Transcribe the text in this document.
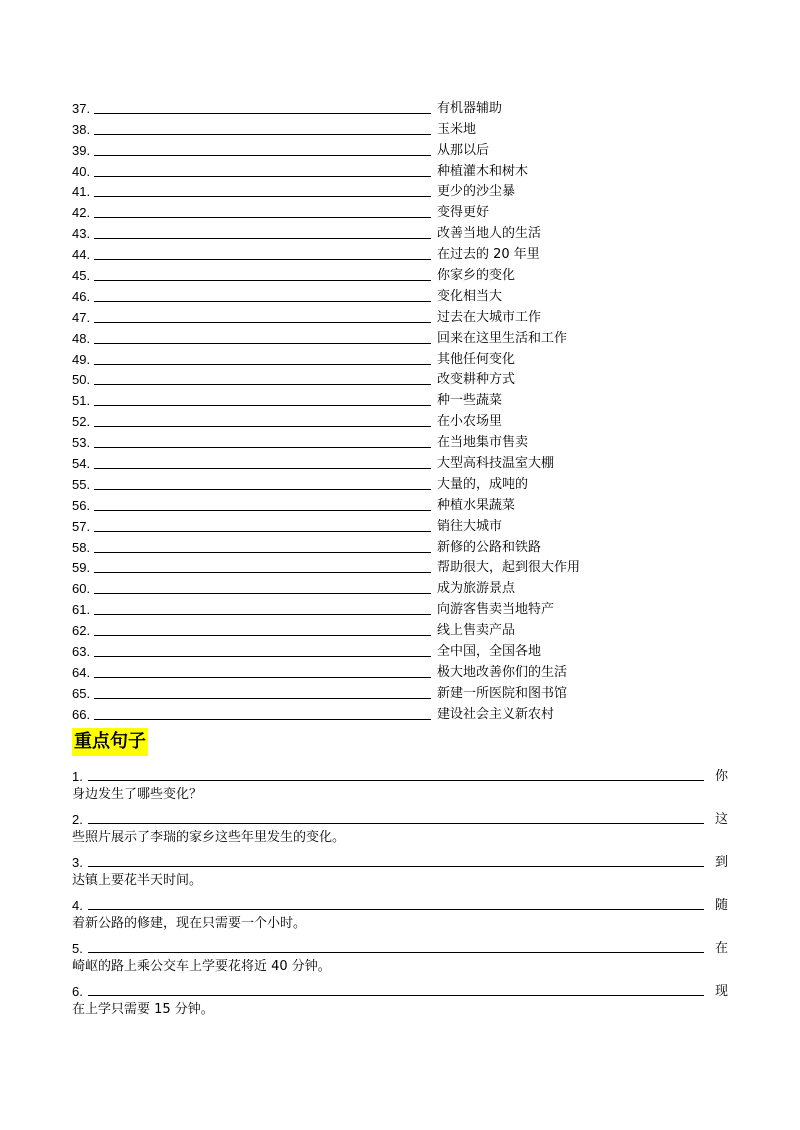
37.	有机器辅助
38.	玉米地
39.	从那以后
40.	种植灌木和树木
41.	更少的沙尘暴
42.	变得更好
43.	改善当地人的生活
44.	在过去的 20 年里
45.	你家乡的变化
46.	变化相当大
47.	过去在大城市工作
48.	回来在这里生活和工作
49.	其他任何变化
50.	改变耕种方式
51.	种一些蔬菜
52.	在小农场里
53.	在当地集市售卖
54.	大型高科技温室大棚
55.	大量的，成吨的
56.	种植水果蔬菜
57.	销往大城市
58.	新修的公路和铁路
59.	帮助很大，起到很大作用
60.	成为旅游景点
61.	向游客售卖当地特产
62.	线上售卖产品
63.	全中国，全国各地
64.	极大地改善你们的生活
65.	新建一所医院和图书馆
66.	建设社会主义新农村
重点句子
1.	你
身边发生了哪些变化？
2.	这
些照片展示了李瑞的家乡这些年里发生的变化。
3.	到
达镇上要花半天时间。
4.	随
着新公路的修建，现在只需要一个小时。
5.	在
崎岖的路上乘公交车上学要花将近 40 分钟。
6.	现
在上学只需要 15 分钟。
